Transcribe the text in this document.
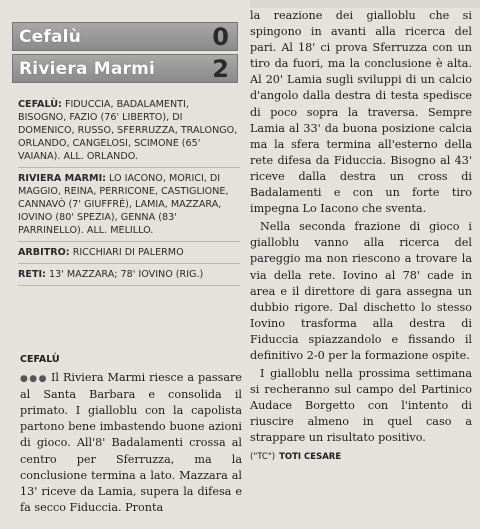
Cefalù	0
Riviera Marmi 2
CEFALÙ: FIDUCCIA, BADALAMENTI, BISOGNO, FAZIO (76' LIBERTO), DI DOMENICO, RUSSO, SFERRUZZA, TRALONGO, ORLANDO, CANGELOSI, SCIMONE (65' VAIANA). ALL. ORLANDO.
RIVIERA MARMI: LO IACONO, MORICI, DI MAGGIO, REINA, PERRICONE, CASTIGLIONE, CANNAVÒ (7' GIUFFRÈ), LAMIA, MAZZARA, IOVINO (80' SPEZIA), GENNA (83' PARRINELLO). ALL. MELILLO.
ARBITRO: RICCHIARI DI PALERMO
RETI: 13' MAZZARA; 78' IOVINO (RIG.)
CEFALÙ
●●● Il Riviera Marmi riesce a passare al Santa Barbara e consolida il primato. I gialloblu con la capolista partono bene imbastendo buone azioni di gioco. All'8' Badalamenti crossa al centro per Sferruzza, ma la conclusione termina a lato. Mazzara al 13' riceve da Lamia, supera la difesa e fa secco Fiduccia. Pronta

la reazione dei gialloblu che si spingono in avanti alla ricerca del pari. Al 18' ci prova Sferruzza con un tiro da fuori, ma la conclusione è alta. Al 20' Lamia sugli sviluppi di un calcio d'angolo dalla destra di testa spedisce di poco sopra la traversa. Sempre Lamia al 33' da buona posizione calcia ma la sfera termina all'esterno della rete difesa da Fiduccia. Bisogno al 43' riceve dalla destra un cross di Badalamenti e con un forte tiro impegna Lo Iacono che sventa.

Nella seconda frazione di gioco i gialloblu vanno alla ricerca del pareggio ma non riescono a trovare la via della rete. Iovino al 78' cade in area e il direttore di gara assegna un dubbio rigore. Dal dischetto lo stesso Iovino trasforma alla destra di Fiduccia spiazzandolo e fissando il definitivo 2-0 per la formazione ospite.

I gialloblu nella prossima settimana si recheranno sul campo del Partinico Audace Borgetto con l'intento di riuscire almeno in quel caso a strappare un risultato positivo.

("TC") TOTI CESARE
